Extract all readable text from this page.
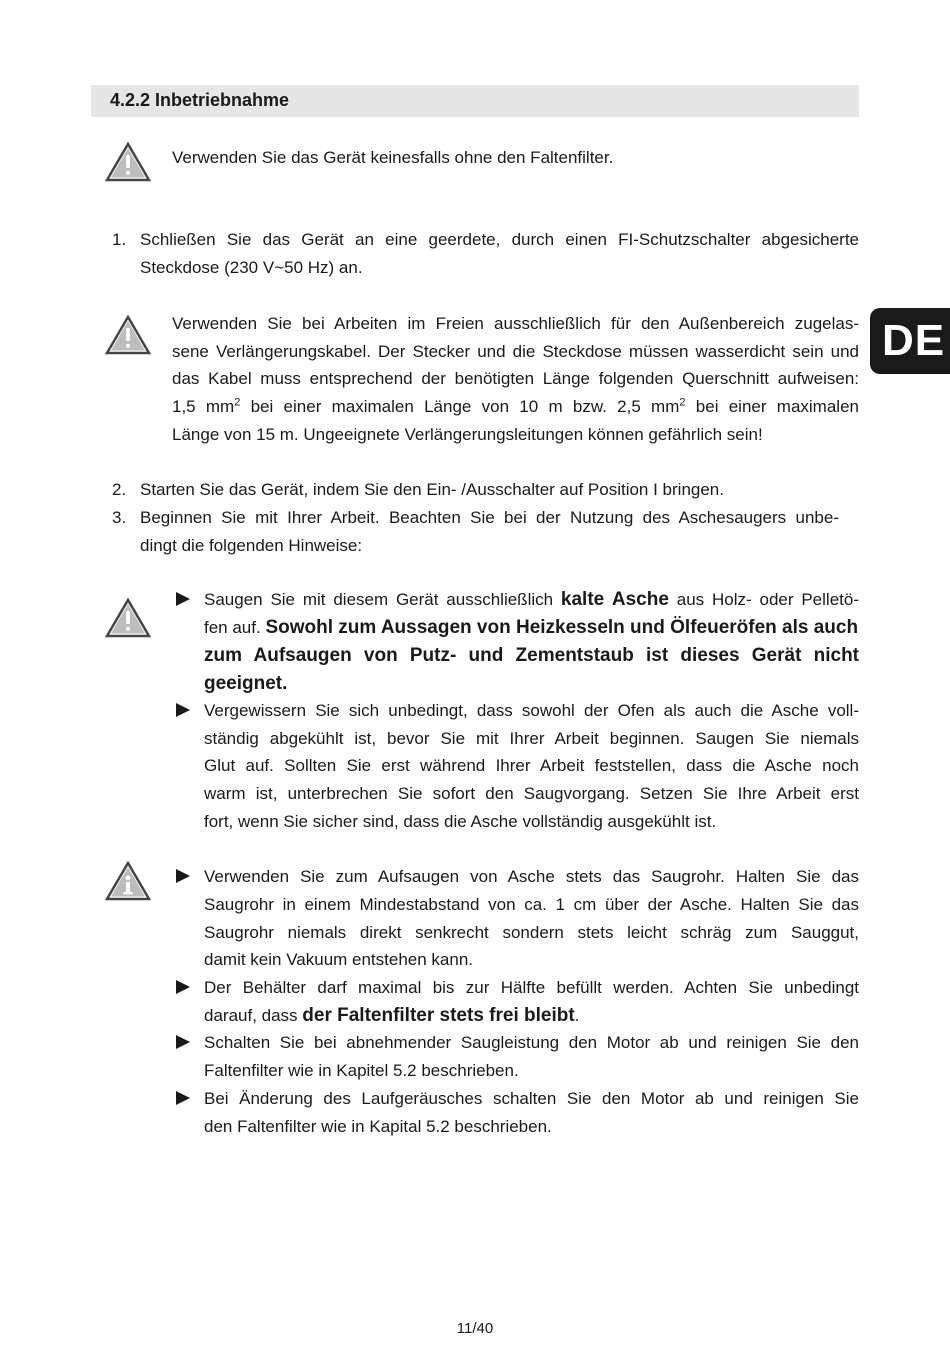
4.2.2 Inbetriebnahme
DE
Verwenden Sie das Gerät keinesfalls ohne den Faltenfilter.
1. Schließen Sie das Gerät an eine geerdete, durch einen FI-Schutzschalter abgesicherte
Steckdose (230 V~50 Hz) an.
Verwenden Sie bei Arbeiten im Freien ausschließlich für den Außenbereich zugelas-
sene Verlängerungskabel. Der Stecker und die Steckdose müssen wasserdicht sein und
das Kabel muss entsprechend der benötigten Länge folgenden Querschnitt aufweisen:
1,5 $mm^2$ bei einer maximalen Länge von 10 m bzw. 2,5 $mm^2$ bei einer maximalen
Länge von 15 m. Ungeeignete Verlängerungsleitungen können gefährlich sein!
2. Starten Sie das Gerät, indem Sie den Ein- /Ausschalter auf Position I bringen.
3. Beginnen Sie mit Ihrer Arbeit. Beachten Sie bei der Nutzung des Aschesaugers unbe-
dingt die folgenden Hinweise:
Saugen Sie mit diesem Gerät ausschließlich kalte Asche aus Holz- oder Pelletö-
fen auf. Sowohl zum Aussagen von Heizkesseln und Ölfeueröfen als auch
zum Aufsaugen von Putz- und Zementstaub ist dieses Gerät nicht
geeignet.
Vergewissern Sie sich unbedingt, dass sowohl der Ofen als auch die Asche voll-
ständig abgekühlt ist, bevor Sie mit Ihrer Arbeit beginnen. Saugen Sie niemals
Glut auf. Sollten Sie erst während Ihrer Arbeit feststellen, dass die Asche noch
warm ist, unterbrechen Sie sofort den Saugvorgang. Setzen Sie Ihre Arbeit erst
fort, wenn Sie sicher sind, dass die Asche vollständig ausgekühlt ist.
Verwenden Sie zum Aufsaugen von Asche stets das Saugrohr. Halten Sie das
Saugrohr in einem Mindestabstand von ca. 1 cm über der Asche. Halten Sie das
Saugrohr niemals direkt senkrecht sondern stets leicht schräg zum Sauggut,
damit kein Vakuum entstehen kann.
Der Behälter darf maximal bis zur Hälfte befüllt werden. Achten Sie unbedingt
darauf, dass der Faltenfilter stets frei bleibt.
Schalten Sie bei abnehmender Saugleistung den Motor ab und reinigen Sie den
Faltenfilter wie in Kapitel 5.2 beschrieben.
Bei Änderung des Laufgeräusches schalten Sie den Motor ab und reinigen Sie
den Faltenfilter wie in Kapital 5.2 beschrieben.
11/40
